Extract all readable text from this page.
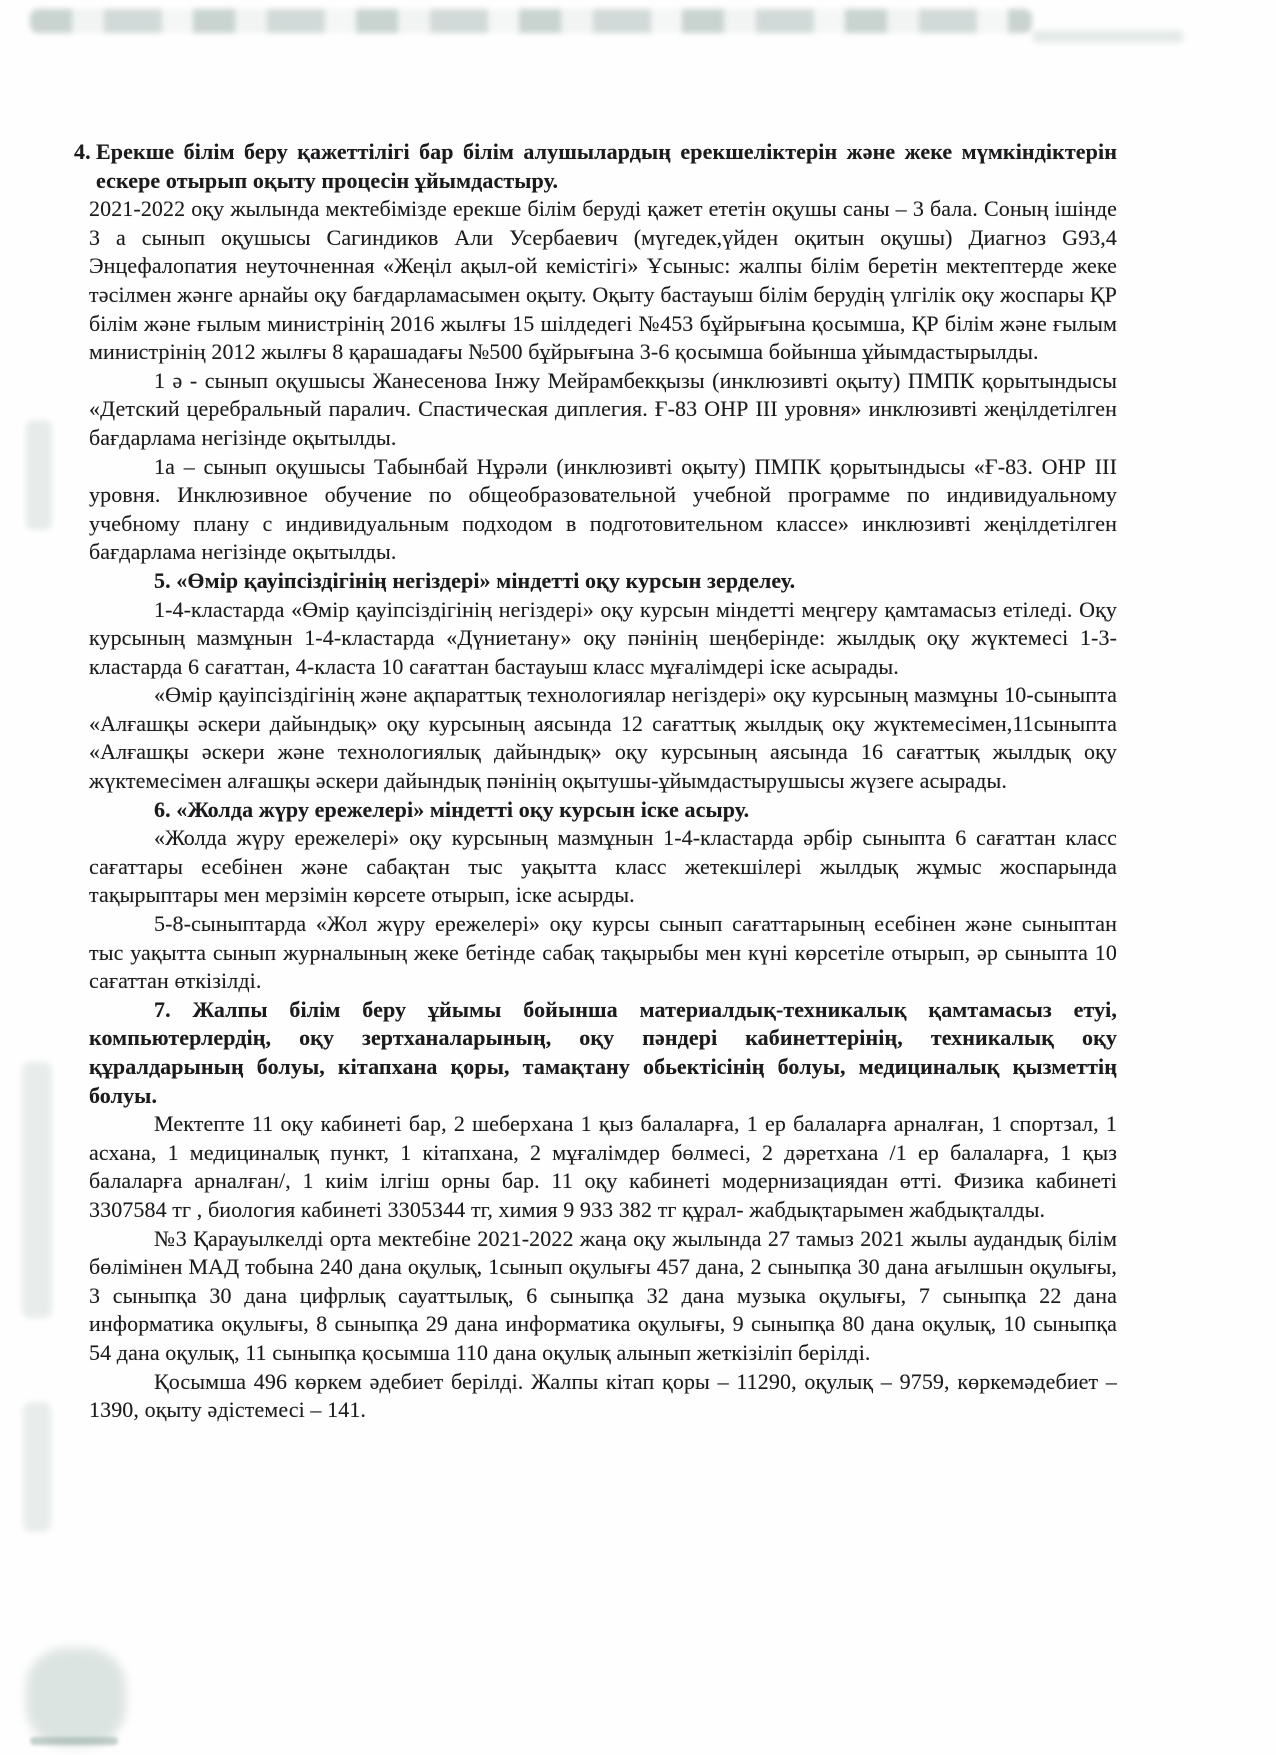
4. Ерекше білім беру қажеттілігі бар білім алушылардың ерекшеліктерін және жеке мүмкіндіктерін ескере отырып оқыту процесін ұйымдастыру.

2021-2022 оқу жылында мектебімізде ерекше білім беруді қажет ететін оқушы саны – 3 бала. Соның ішінде 3 а сынып оқушысы Сагиндиков Али Усербаевич (мүгедек,үйден оқитын оқушы) Диагноз G93,4 Энцефалопатия неуточненная «Жеңіл ақыл-ой кемістігі» Ұсыныс: жалпы білім беретін мектептерде жеке тәсілмен жәнге арнайы оқу бағдарламасымен оқыту. Оқыту бастауыш білім берудің үлгілік оқу жоспары ҚР білім және ғылым министрінің 2016 жылғы 15 шілдедегі №453 бұйрығына қосымша, ҚР білім және ғылым министрінің 2012 жылғы 8 қарашадағы №500 бұйрығына 3-6 қосымша бойынша ұйымдастырылды.

1 ә - сынып оқушысы Жанесенова Інжу Мейрамбекқызы (инклюзивті оқыту) ПМПК қорытындысы «Детский церебральный паралич. Спастическая диплегия. Ғ-83 ОНР III уровня» инклюзивті жеңілдетілген бағдарлама негізінде оқытылды.

1а – сынып оқушысы Табынбай Нұрәли (инклюзивті оқыту) ПМПК қорытындысы «Ғ-83. ОНР III уровня. Инклюзивное обучение по общеобразовательной учебной программе по индивидуальному учебному плану с индивидуальным подходом в подготовительном классе» инклюзивті жеңілдетілген бағдарлама негізінде оқытылды.

5. «Өмір қауіпсіздігінің негіздері» міндетті оқу курсын зерделеу.

1-4-кластарда «Өмір қауіпсіздігінің негіздері» оқу курсын міндетті меңгеру қамтамасыз етіледі. Оқу курсының мазмұнын 1-4-кластарда «Дүниетану» оқу пәнінің шеңберінде: жылдық оқу жүктемесі 1-3-кластарда 6 сағаттан, 4-класта 10 сағаттан бастауыш класс мұғалімдері іске асырады.

«Өмір қауіпсіздігінің және ақпараттық технологиялар негіздері» оқу курсының мазмұны 10-сыныпта «Алғашқы әскери дайындық» оқу курсының аясында 12 сағаттық жылдық оқу жүктемесімен,11сыныпта «Алғашқы әскери және технологиялық дайындық» оқу курсының аясында 16 сағаттық жылдық оқу жүктемесімен алғашқы әскери дайындық пәнінің оқытушы-ұйымдастырушысы жүзеге асырады.

6. «Жолда жүру ережелері» міндетті оқу курсын іске асыру.

«Жолда жүру ережелері» оқу курсының мазмұнын 1-4-кластарда әрбір сыныпта 6 сағаттан класс сағаттары есебінен және сабақтан тыс уақытта класс жетекшілері жылдық жұмыс жоспарында тақырыптары мен мерзімін көрсете отырып, іске асырды.

5-8-сыныптарда «Жол жүру ережелері» оқу курсы сынып сағаттарының есебінен және сыныптан тыс уақытта сынып журналының жеке бетінде сабақ тақырыбы мен күні көрсетіле отырып, әр сыныпта 10 сағаттан өткізілді.

7. Жалпы білім беру ұйымы бойынша материалдық-техникалық қамтамасыз етуі, компьютерлердің, оқу зертханаларының, оқу пәндері кабинеттерінің, техникалық оқу құралдарының болуы, кітапхана қоры, тамақтану обьектісінің болуы, медициналық қызметтің болуы.

Мектепте 11 оқу кабинеті бар, 2 шеберхана 1 қыз балаларға, 1 ер балаларға арналған, 1 спортзал, 1 асхана, 1 медициналық пункт, 1 кітапхана, 2 мұғалімдер бөлмесі, 2 дәретхана /1 ер балаларға, 1 қыз балаларға арналған/, 1 киім ілгіш орны бар. 11 оқу кабинеті модернизациядан өтті. Физика кабинеті 3307584 тг , биология кабинеті 3305344 тг, химия 9 933 382 тг құрал- жабдықтарымен жабдықталды.

№3 Қарауылкелді орта мектебіне 2021-2022 жаңа оқу жылында 27 тамыз 2021 жылы аудандық білім бөлімінен МАД тобына 240 дана оқулық, 1сынып оқулығы 457 дана, 2 сыныпқа 30 дана ағылшын оқулығы, 3 сыныпқа 30 дана цифрлық сауаттылық, 6 сыныпқа 32 дана музыка оқулығы, 7 сыныпқа 22 дана информатика оқулығы, 8 сыныпқа 29 дана информатика оқулығы, 9 сыныпқа 80 дана оқулық, 10 сыныпқа 54 дана оқулық, 11 сыныпқа қосымша 110 дана оқулық алынып жеткізіліп берілді.

Қосымша 496 көркем әдебиет берілді. Жалпы кітап қоры – 11290, оқулық – 9759, көркемәдебиет – 1390, оқыту әдістемесі – 141.
